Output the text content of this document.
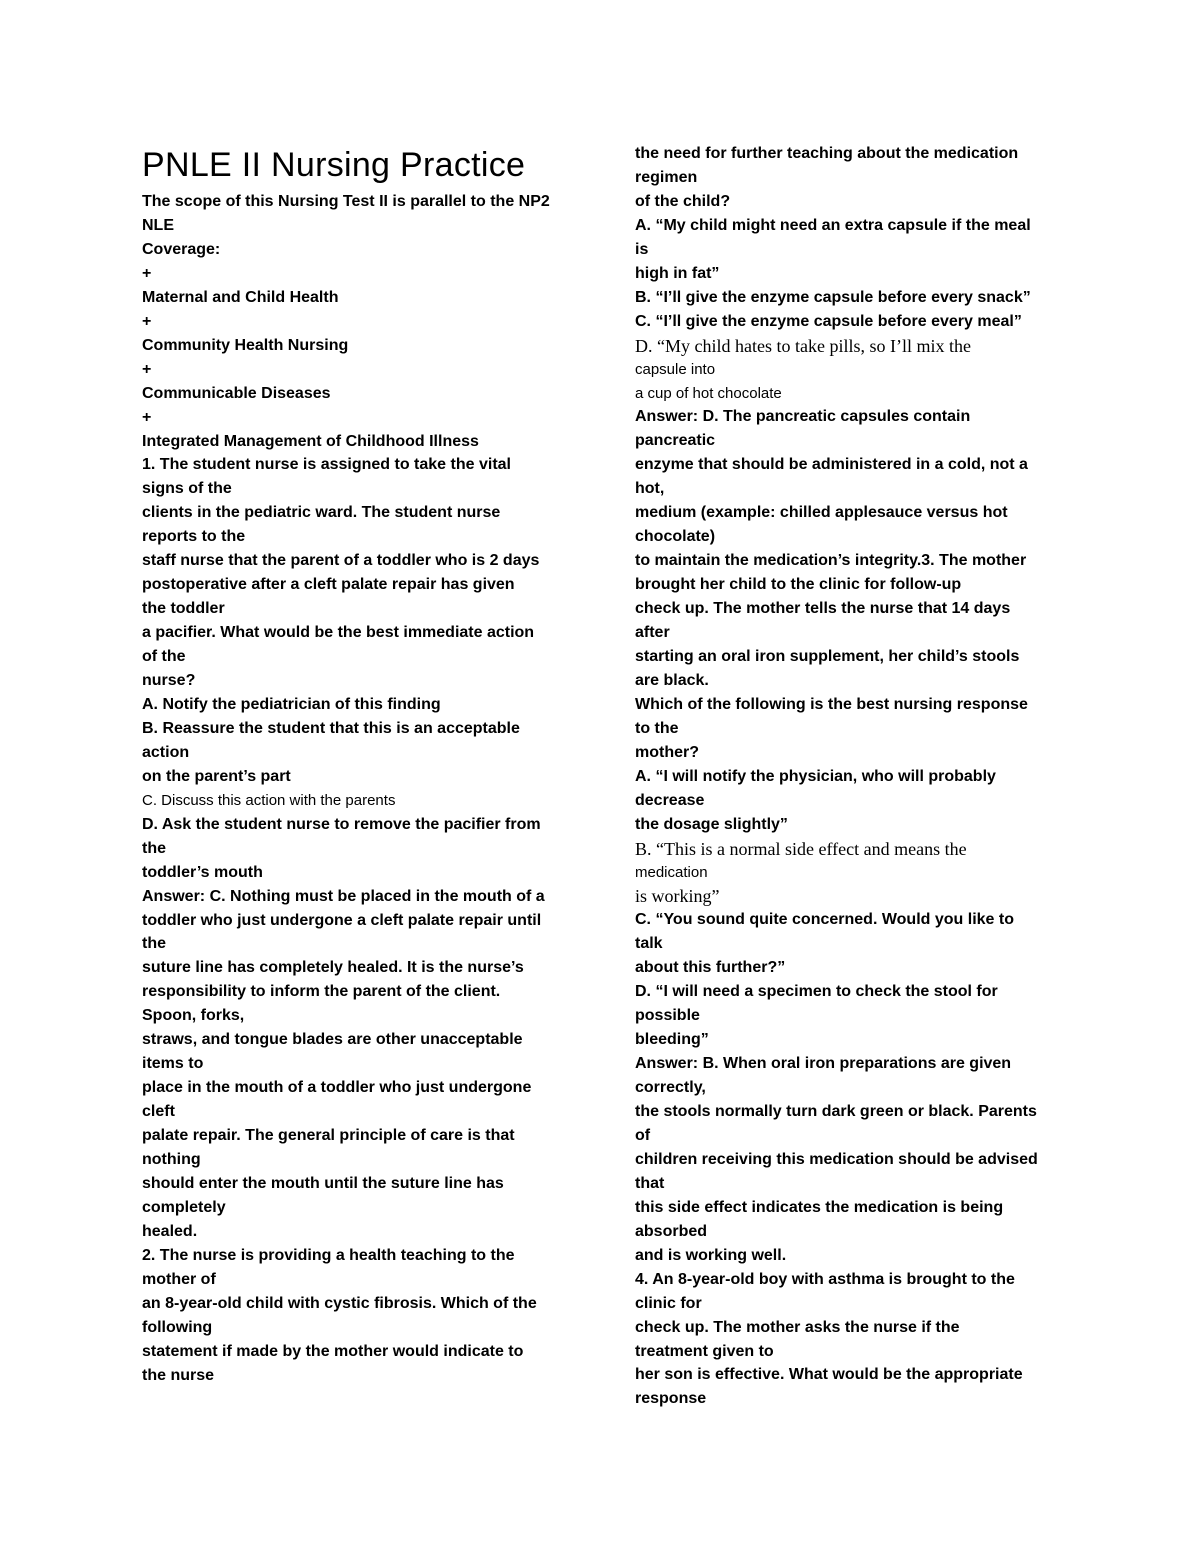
PNLE II Nursing Practice
The scope of this Nursing Test II is parallel to the NP2
NLE
Coverage:
+
Maternal and Child Health
+
Community Health Nursing
+
Communicable Diseases
+
Integrated Management of Childhood Illness
1. The student nurse is assigned to take the vital
signs of the
clients in the pediatric ward. The student nurse
reports to the
staff nurse that the parent of a toddler who is 2 days
postoperative after a cleft palate repair has given
the toddler
a pacifier. What would be the best immediate action
of the
nurse?
A. Notify the pediatrician of this finding
B. Reassure the student that this is an acceptable
action
on the parent’s part
C. Discuss this action with the parents
D. Ask the student nurse to remove the pacifier from
the
toddler’s mouth
Answer: C. Nothing must be placed in the mouth of a
toddler who just undergone a cleft palate repair until
the
suture line has completely healed. It is the nurse’s
responsibility to inform the parent of the client.
Spoon, forks,
straws, and tongue blades are other unacceptable
items to
place in the mouth of a toddler who just undergone
cleft
palate repair. The general principle of care is that
nothing
should enter the mouth until the suture line has
completely
healed.
2. The nurse is providing a health teaching to the
mother of
an 8-year-old child with cystic fibrosis. Which of the
following
statement if made by the mother would indicate to
the nurse
the need for further teaching about the medication
regimen
of the child?
A. “My child might need an extra capsule if the meal
is
high in fat”
B. “I’ll give the enzyme capsule before every snack”
C. “I’ll give the enzyme capsule before every meal”
D. “My child hates to take pills, so I’ll mix the
capsule into
a cup of hot chocolate
Answer: D. The pancreatic capsules contain
pancreatic
enzyme that should be administered in a cold, not a
hot,
medium (example: chilled applesauce versus hot
chocolate)
to maintain the medication’s integrity.3. The mother
brought her child to the clinic for follow-up
check up. The mother tells the nurse that 14 days
after
starting an oral iron supplement, her child’s stools
are black.
Which of the following is the best nursing response
to the
mother?
A. “I will notify the physician, who will probably
decrease
the dosage slightly”
B. “This is a normal side effect and means the
medication
is working”
C. “You sound quite concerned. Would you like to
talk
about this further?”
D. “I will need a specimen to check the stool for
possible
bleeding”
Answer: B. When oral iron preparations are given
correctly,
the stools normally turn dark green or black. Parents
of
children receiving this medication should be advised
that
this side effect indicates the medication is being
absorbed
and is working well.
4. An 8-year-old boy with asthma is brought to the
clinic for
check up. The mother asks the nurse if the
treatment given to
her son is effective. What would be the appropriate
response
